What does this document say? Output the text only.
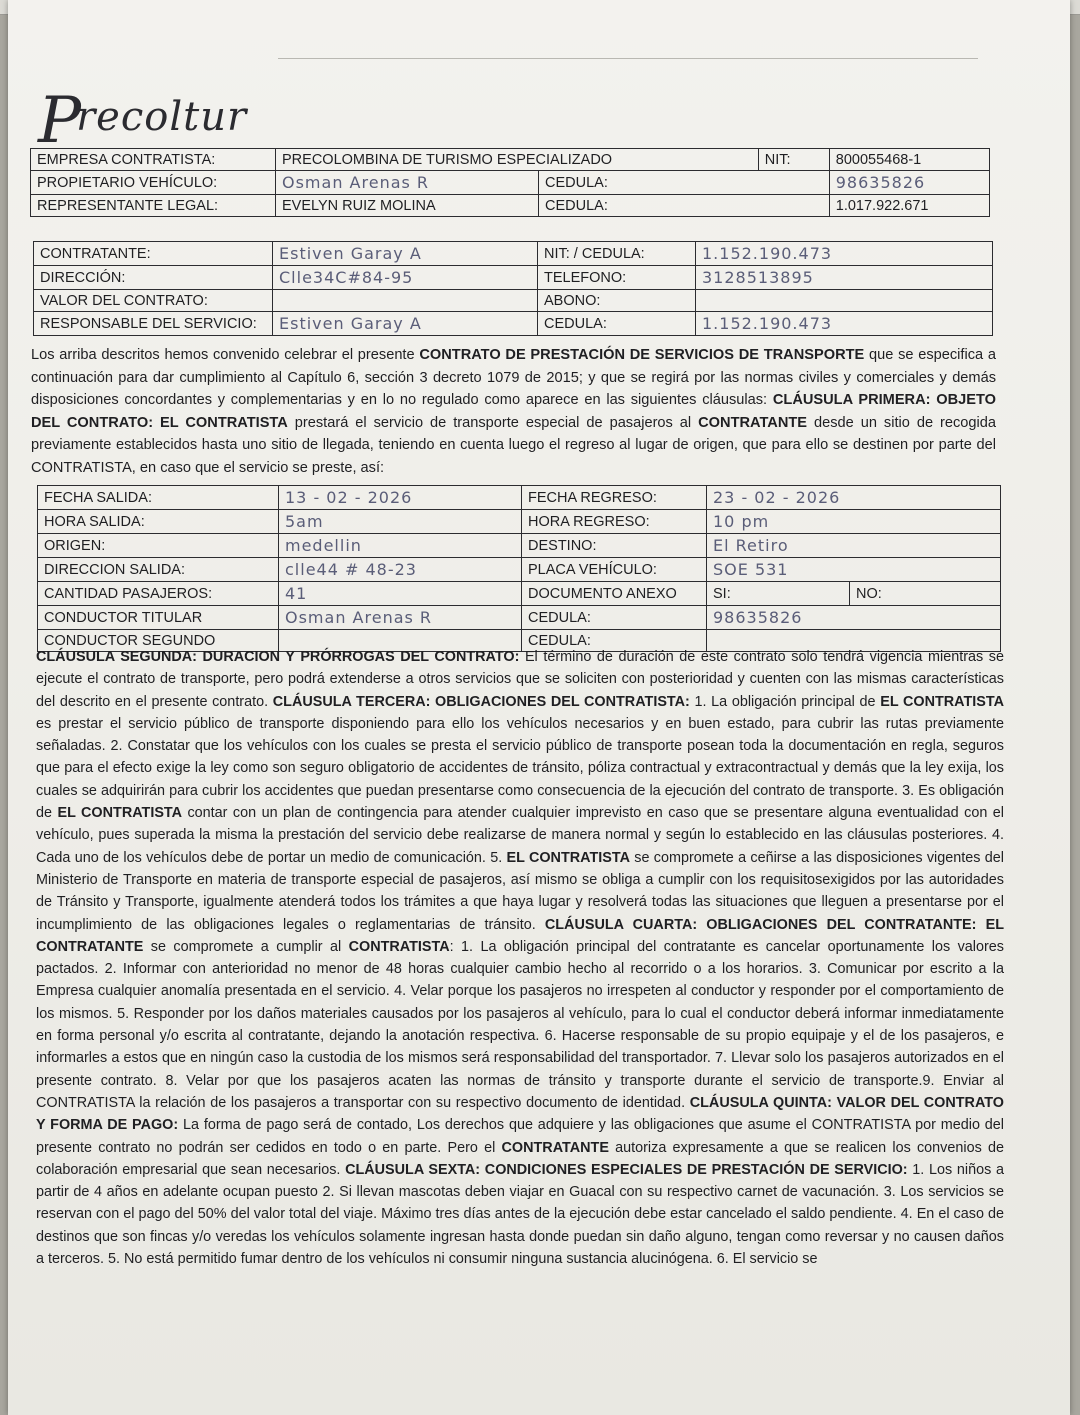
Precoltur
EMPRESA CONTRATISTA:	PRECOLOMBINA DE TURISMO ESPECIALIZADO		NIT:	800055468-1
PROPIETARIO VEHÍCULO:	Osman Arenas R	CEDULA:		98635826
REPRESENTANTE LEGAL:	EVELYN RUIZ MOLINA	CEDULA:		1.017.922.671
CONTRATANTE:	Estiven Garay A	NIT: / CEDULA:	1.152.190.473
DIRECCIÓN:	Clle34C#84-95	TELEFONO:	3128513895
VALOR DEL CONTRATO:		ABONO:	
RESPONSABLE DEL SERVICIO:	Estiven Garay A	CEDULA:	1.152.190.473

Los arriba descritos hemos convenido celebrar el presente CONTRATO DE PRESTACIÓN DE SERVICIOS DE TRANSPORTE que se especifica a continuación para dar cumplimiento al Capítulo 6, sección 3 decreto 1079 de 2015; y que se regirá por las normas civiles y comerciales y demás disposiciones concordantes y complementarias y en lo no regulado como aparece en las siguientes cláusulas: CLÁUSULA PRIMERA: OBJETO DEL CONTRATO: EL CONTRATISTA prestará el servicio de transporte especial de pasajeros al CONTRATANTE desde un sitio de recogida previamente establecidos hasta uno sitio de llegada, teniendo en cuenta luego el regreso al lugar de origen, que para ello se destinen por parte del CONTRATISTA, en caso que el servicio se preste, así:

FECHA SALIDA:	13 - 02 - 2026	FECHA REGRESO:	23 - 02 - 2026	
HORA SALIDA:	5am	HORA REGRESO:	10 pm	
ORIGEN:	medellin	DESTINO:	El Retiro	
DIRECCION SALIDA:	clle44 # 48-23	PLACA VEHÍCULO:	SOE 531	
CANTIDAD PASAJEROS:	41	DOCUMENTO ANEXO	SI:	NO:
CONDUCTOR TITULAR	Osman Arenas R	CEDULA:	98635826	
CONDUCTOR SEGUNDO		CEDULA:		

CLÁUSULA SEGUNDA: DURACION Y PRÓRROGAS DEL CONTRATO: El término de duración de este contrato solo tendrá vigencia mientras se ejecute el contrato de transporte, pero podrá extenderse a otros servicios que se soliciten con posterioridad y cuenten con las mismas características del descrito en el presente contrato. CLÁUSULA TERCERA: OBLIGACIONES DEL CONTRATISTA: 1. La obligación principal de EL CONTRATISTA es prestar el servicio público de transporte disponiendo para ello los vehículos necesarios y en buen estado, para cubrir las rutas previamente señaladas. 2. Constatar que los vehículos con los cuales se presta el servicio público de transporte posean toda la documentación en regla, seguros que para el efecto exige la ley como son seguro obligatorio de accidentes de tránsito, póliza contractual y extracontractual y demás que la ley exija, los cuales se adquirirán para cubrir los accidentes que puedan presentarse como consecuencia de la ejecución del contrato de transporte. 3. Es obligación de EL CONTRATISTA contar con un plan de contingencia para atender cualquier imprevisto en caso que se presentare alguna eventualidad con el vehículo, pues superada la misma la prestación del servicio debe realizarse de manera normal y según lo establecido en las cláusulas posteriores. 4. Cada uno de los vehículos debe de portar un medio de comunicación. 5. EL CONTRATISTA se compromete a ceñirse a las disposiciones vigentes del Ministerio de Transporte en materia de transporte especial de pasajeros, así mismo se obliga a cumplir con los requisitosexigidos por las autoridades de Tránsito y Transporte, igualmente atenderá todos los trámites a que haya lugar y resolverá todas las situaciones que lleguen a presentarse por el incumplimiento de las obligaciones legales o reglamentarias de tránsito. CLÁUSULA CUARTA: OBLIGACIONES DEL CONTRATANTE: EL CONTRATANTE se compromete a cumplir al CONTRATISTA: 1. La obligación principal del contratante es cancelar oportunamente los valores pactados. 2. Informar con anterioridad no menor de 48 horas cualquier cambio hecho al recorrido o a los horarios. 3. Comunicar por escrito a la Empresa cualquier anomalía presentada en el servicio. 4. Velar porque los pasajeros no irrespeten al conductor y responder por el comportamiento de los mismos. 5. Responder por los daños materiales causados por los pasajeros al vehículo, para lo cual el conductor deberá informar inmediatamente en forma personal y/o escrita al contratante, dejando la anotación respectiva. 6. Hacerse responsable de su propio equipaje y el de los pasajeros, e informarles a estos que en ningún caso la custodia de los mismos será responsabilidad del transportador. 7. Llevar solo los pasajeros autorizados en el presente contrato. 8. Velar por que los pasajeros acaten las normas de tránsito y transporte durante el servicio de transporte.9. Enviar al CONTRATISTA la relación de los pasajeros a transportar con su respectivo documento de identidad. CLÁUSULA QUINTA: VALOR DEL CONTRATO Y FORMA DE PAGO: La forma de pago será de contado, Los derechos que adquiere y las obligaciones que asume el CONTRATISTA por medio del presente contrato no podrán ser cedidos en todo o en parte. Pero el CONTRATANTE autoriza expresamente a que se realicen los convenios de colaboración empresarial que sean necesarios. CLÁUSULA SEXTA: CONDICIONES ESPECIALES DE PRESTACIÓN DE SERVICIO: 1. Los niños a partir de 4 años en adelante ocupan puesto 2. Si llevan mascotas deben viajar en Guacal con su respectivo carnet de vacunación. 3. Los servicios se reservan con el pago del 50% del valor total del viaje. Máximo tres días antes de la ejecución debe estar cancelado el saldo pendiente. 4. En el caso de destinos que son fincas y/o veredas los vehículos solamente ingresan hasta donde puedan sin daño alguno, tengan como reversar y no causen daños a terceros. 5. No está permitido fumar dentro de los vehículos ni consumir ninguna sustancia alucinógena. 6. El servicio se
